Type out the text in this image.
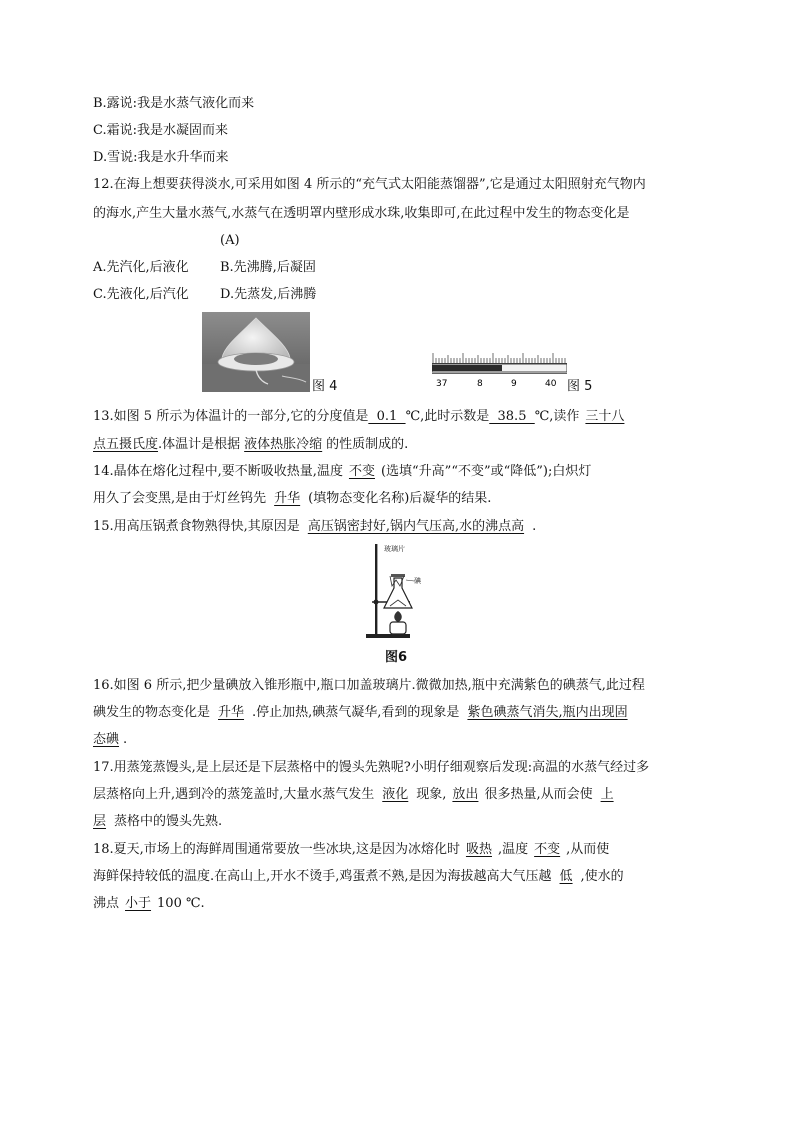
B.露说:我是水蒸气液化而来
C.霜说:我是水凝固而来
D.雪说:我是水升华而来
12.在海上想要获得淡水,可采用如图 4 所示的“充气式太阳能蒸馏器”,它是通过太阳照射充气物内
的海水,产生大量水蒸气,水蒸气在透明罩内壁形成水珠,收集即可,在此过程中发生的物态变化是
(A)
A.先汽化,后液化 B.先沸腾,后凝固
C.先液化,后汽化 D.先蒸发,后沸腾
图 4	37	8	9	40 图 5
13.如图 5 所示为体温计的一部分,它的分度值是  0.1  ℃,此时示数是  38.5  ℃,读作 三十八
点五摄氏度.体温计是根据 液体热胀冷缩 的性质制成的.
14.晶体在熔化过程中,要不断吸收热量,温度 不变 (选填“升高”“不变”或“降低”);白炽灯
用久了会变黑,是由于灯丝钨先 升华 (填物态变化名称)后凝华的结果.
15.用高压锅煮食物熟得快,其原因是 高压锅密封好,锅内气压高,水的沸点高 .
玻璃片
碘
图6
16.如图 6 所示,把少量碘放入锥形瓶中,瓶口加盖玻璃片.微微加热,瓶中充满紫色的碘蒸气,此过程
碘发生的物态变化是 升华 .停止加热,碘蒸气凝华,看到的现象是 紫色碘蒸气消失,瓶内出现固
态碘 .
17.用蒸笼蒸馒头,是上层还是下层蒸格中的馒头先熟呢?小明仔细观察后发现:高温的水蒸气经过多
层蒸格向上升,遇到冷的蒸笼盖时,大量水蒸气发生 液化 现象, 放出 很多热量,从而会使 上
层 蒸格中的馒头先熟.
18.夏天,市场上的海鲜周围通常要放一些冰块,这是因为冰熔化时 吸热 ,温度 不变 ,从而使
海鲜保持较低的温度.在高山上,开水不烫手,鸡蛋煮不熟,是因为海拔越高大气压越 低 ,使水的
沸点 小于 100 ℃.
